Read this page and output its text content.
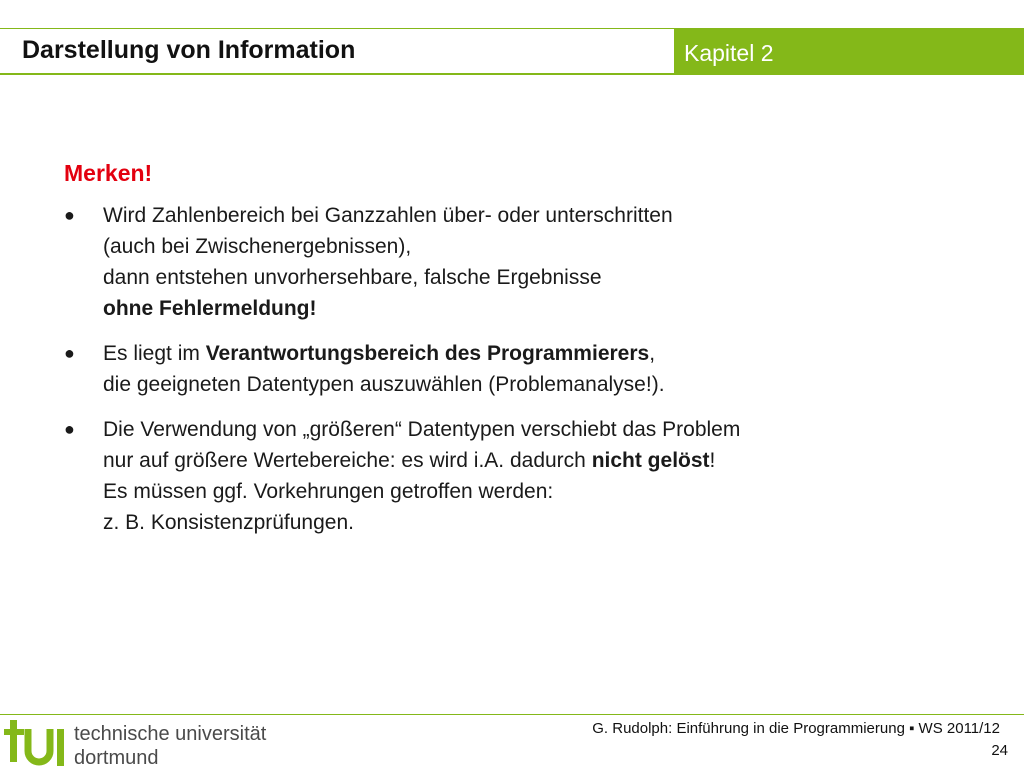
Darstellung von Information	Kapitel 2
Merken!
● Wird Zahlenbereich bei Ganzzahlen über- oder unterschritten
(auch bei Zwischenergebnissen),
dann entstehen unvorhersehbare, falsche Ergebnisse
ohne Fehlermeldung!
● Es liegt im Verantwortungsbereich des Programmierers,
die geeigneten Datentypen auszuwählen (Problemanalyse!).
● Die Verwendung von „größeren“ Datentypen verschiebt das Problem
nur auf größere Wertebereiche: es wird i.A. dadurch nicht gelöst!
Es müssen ggf. Vorkehrungen getroffen werden:
z. B. Konsistenzprüfungen.
technische universität
dortmund
G. Rudolph: Einführung in die Programmierung ▪ WS 2011/12
24
